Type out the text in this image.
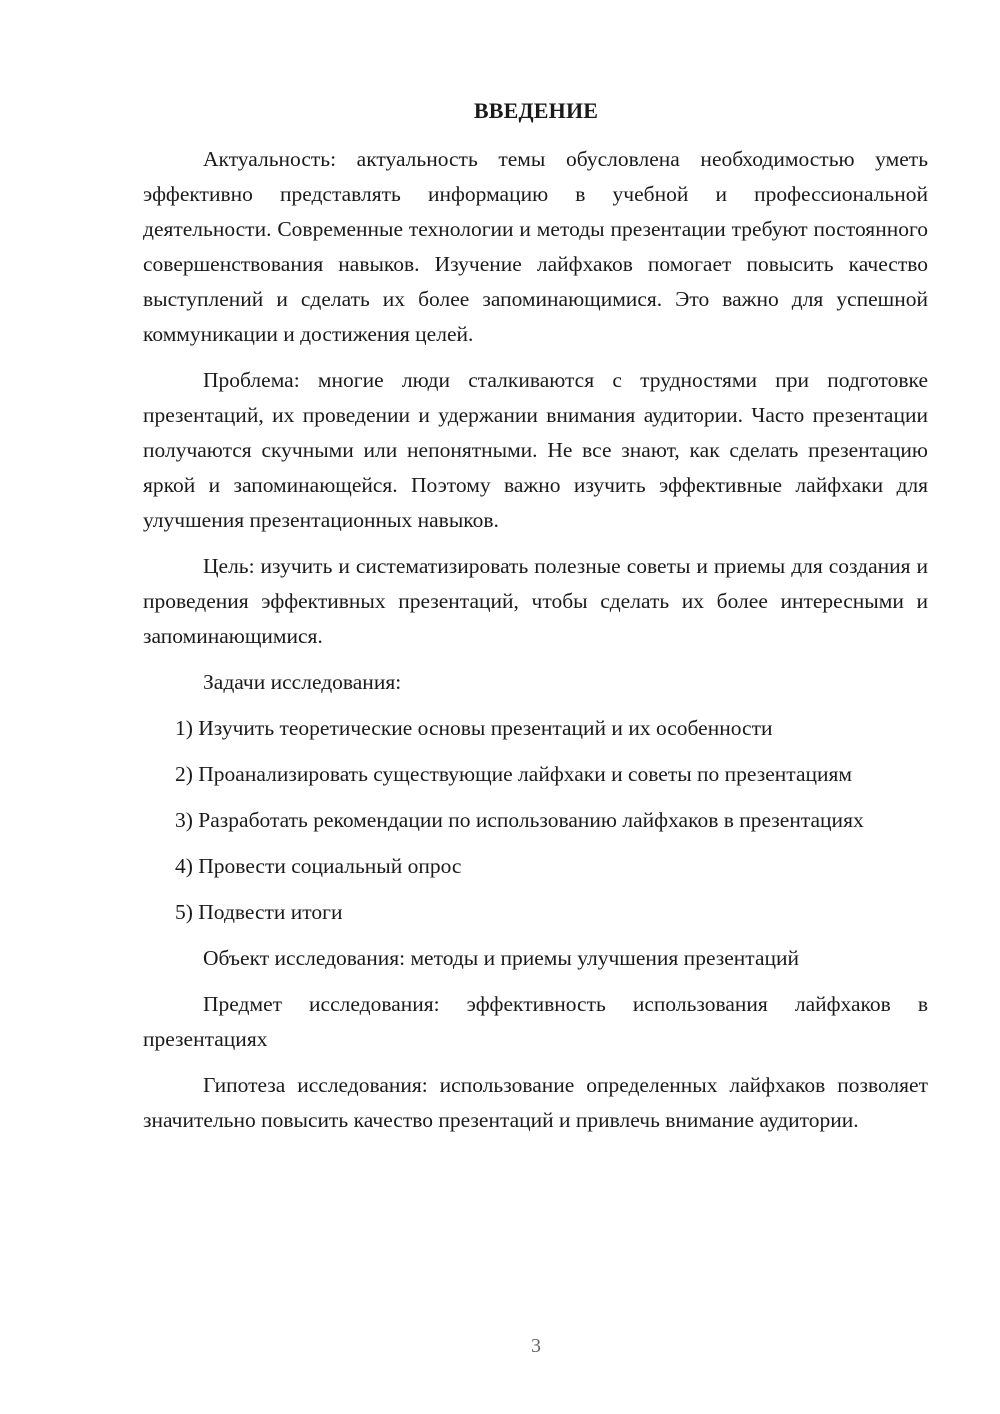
ВВЕДЕНИЕ

Актуальность: актуальность темы обусловлена необходимостью уметь эффективно представлять информацию в учебной и профессиональной деятельности. Современные технологии и методы презентации требуют постоянного совершенствования навыков. Изучение лайфхаков помогает повысить качество выступлений и сделать их более запоминающимися. Это важно для успешной коммуникации и достижения целей.

Проблема: многие люди сталкиваются с трудностями при подготовке презентаций, их проведении и удержании внимания аудитории. Часто презентации получаются скучными или непонятными. Не все знают, как сделать презентацию яркой и запоминающейся. Поэтому важно изучить эффективные лайфхаки для улучшения презентационных навыков.

Цель: изучить и систематизировать полезные советы и приемы для создания и проведения эффективных презентаций, чтобы сделать их более интересными и запоминающимися.

Задачи исследования:

1) Изучить теоретические основы презентаций и их особенности

2) Проанализировать существующие лайфхаки и советы по презентациям

3) Разработать рекомендации по использованию лайфхаков в презентациях

4) Провести социальный опрос

5) Подвести итоги

Объект исследования: методы и приемы улучшения презентаций

Предмет исследования: эффективность использования лайфхаков в презентациях

Гипотеза исследования: использование определенных лайфхаков позволяет значительно повысить качество презентаций и привлечь внимание аудитории.

3
